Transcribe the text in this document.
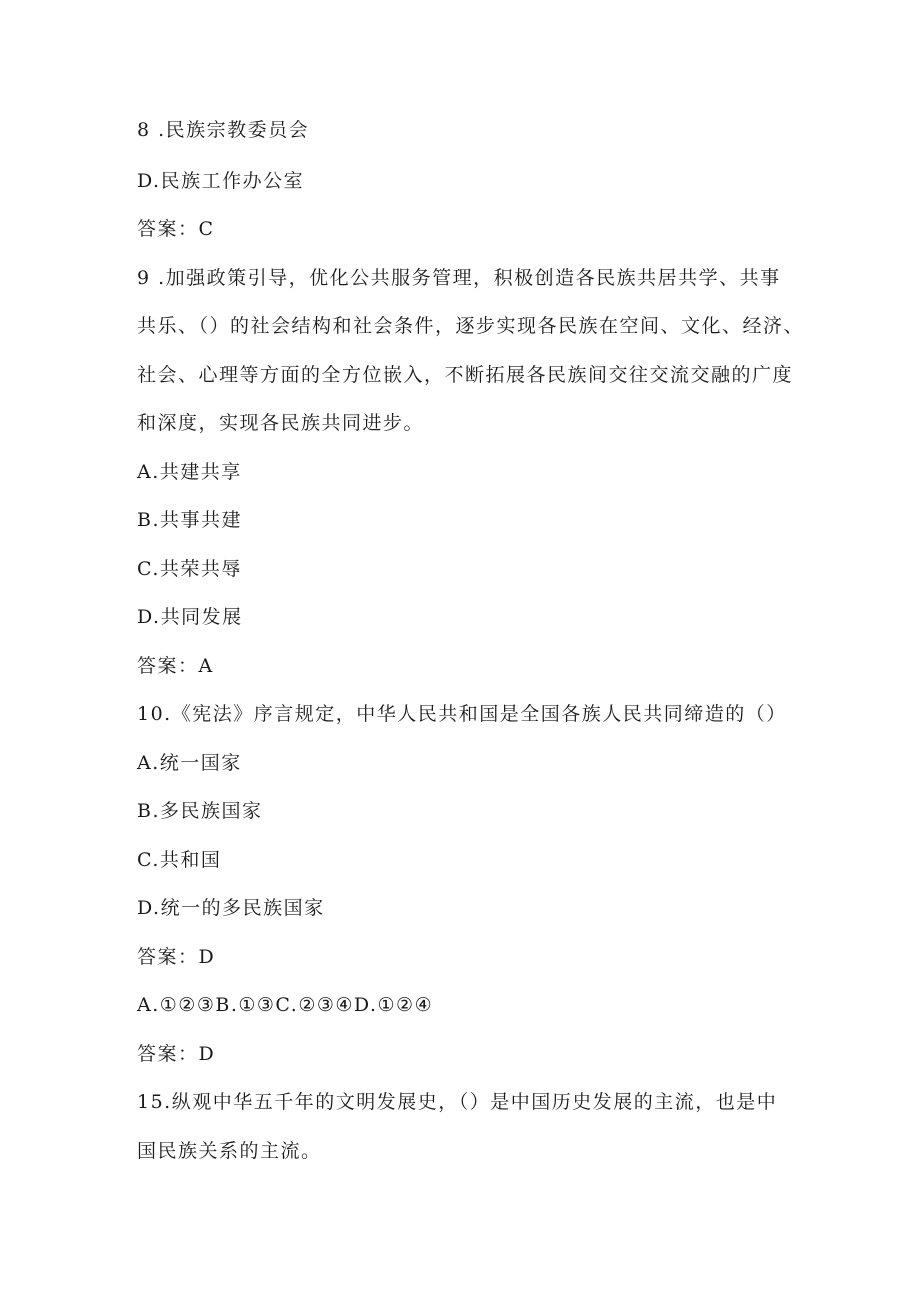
8 .民族宗教委员会
D.民族工作办公室
答案：C
9 .加强政策引导，优化公共服务管理，积极创造各民族共居共学、共事
共乐、（）的社会结构和社会条件，逐步实现各民族在空间、文化、经济、
社会、心理等方面的全方位嵌入，不断拓展各民族间交往交流交融的广度
和深度，实现各民族共同进步。
A.共建共享
B.共事共建
C.共荣共辱
D.共同发展
答案：A
10.《宪法》序言规定，中华人民共和国是全国各族人民共同缔造的（）
A.统一国家
B.多民族国家
C.共和国
D.统一的多民族国家
答案：D
A.①②③B.①③C.②③④D.①②④
答案：D
15.纵观中华五千年的文明发展史，（）是中国历史发展的主流，也是中
国民族关系的主流。
